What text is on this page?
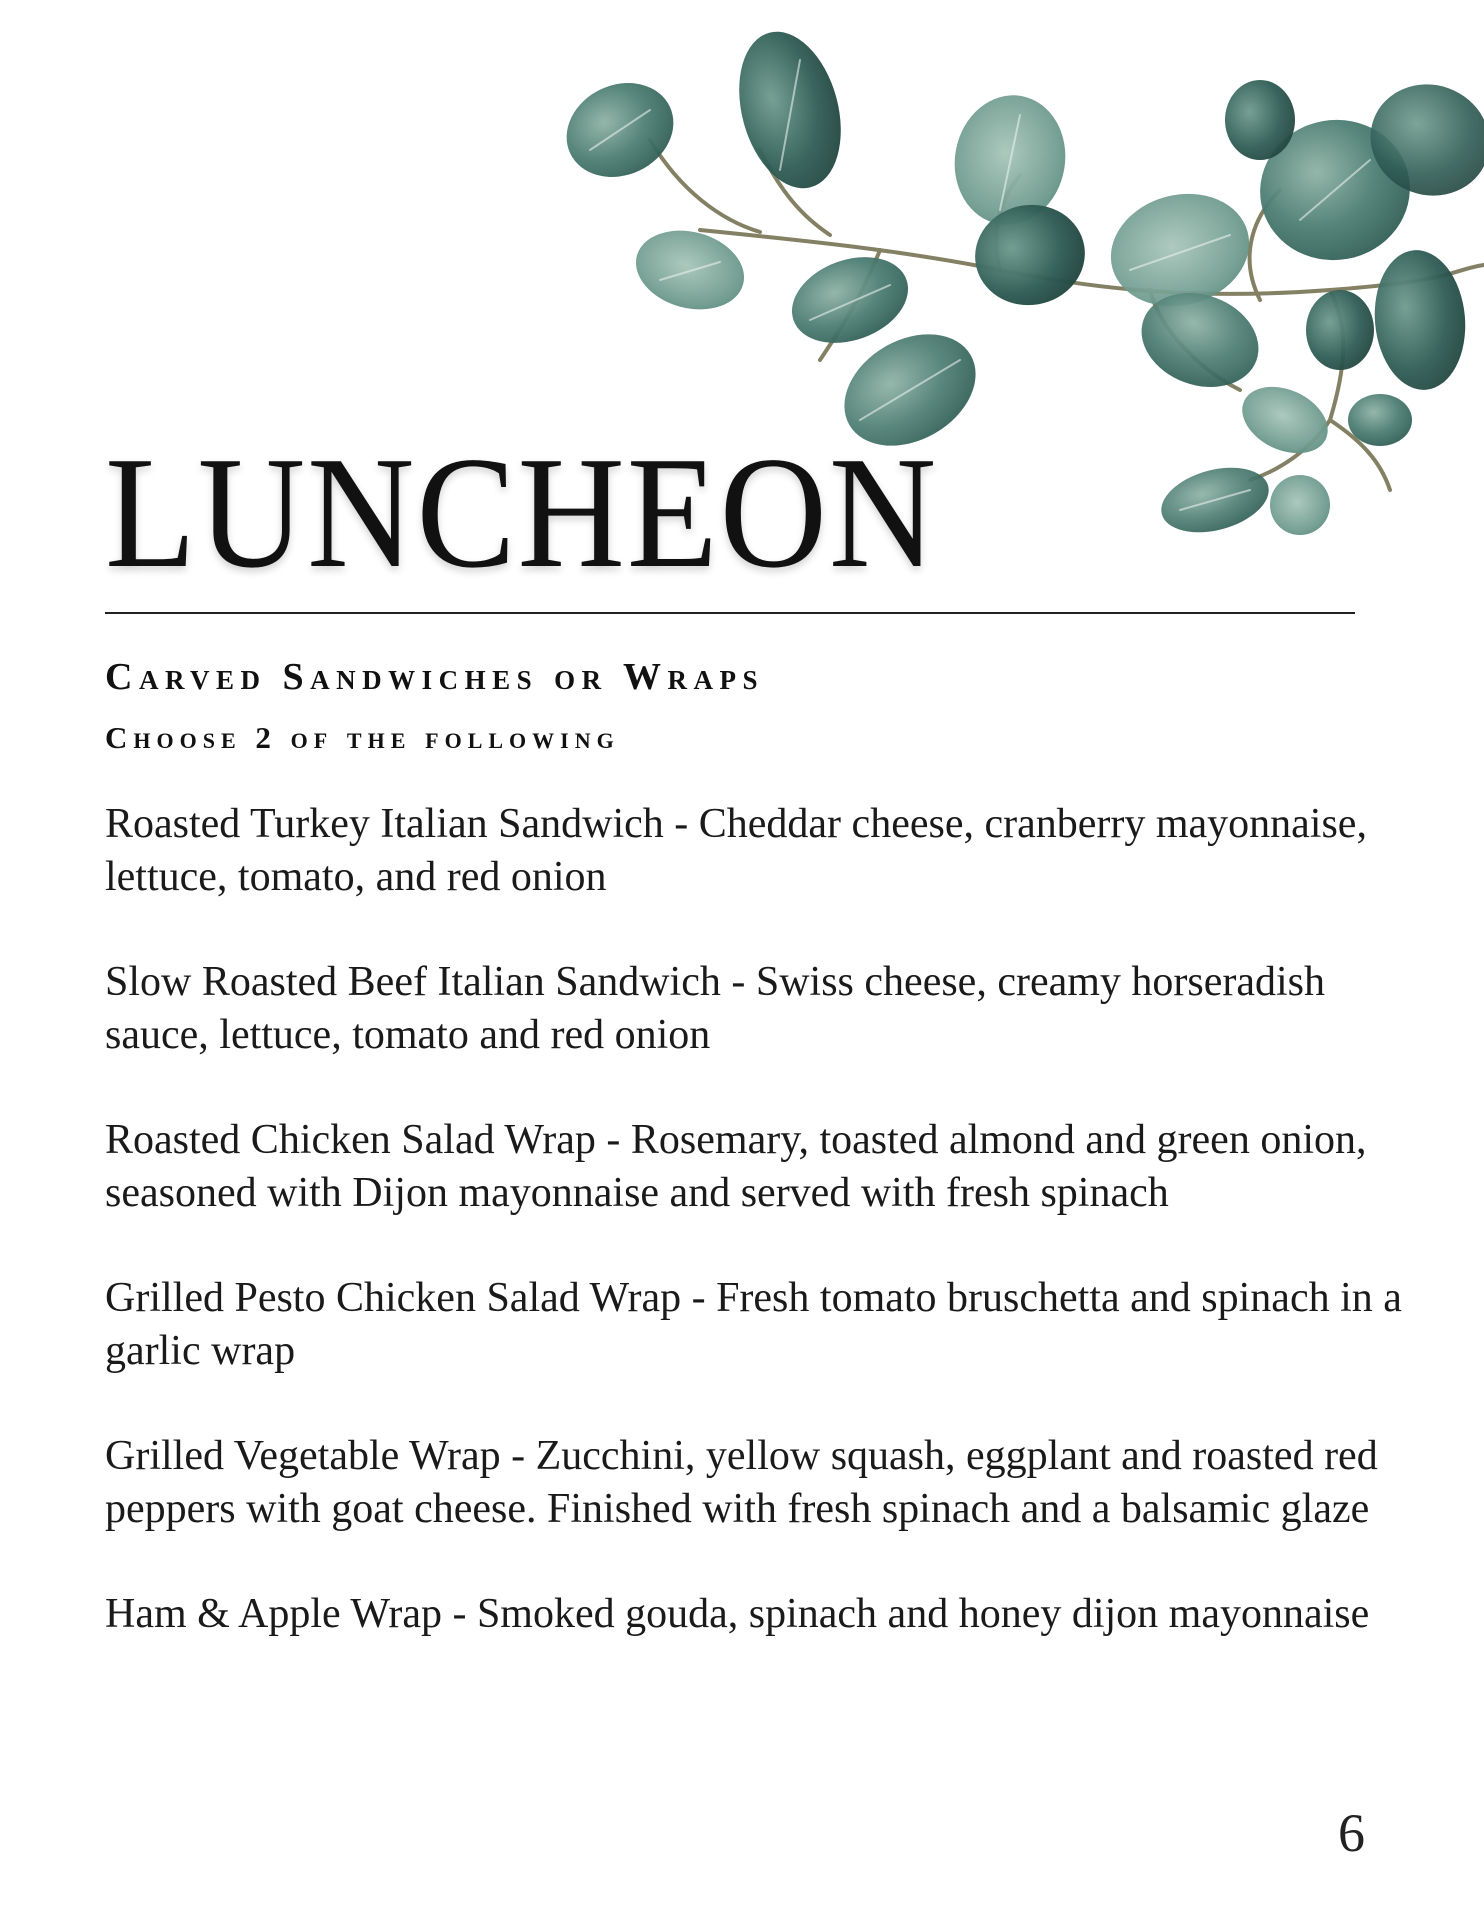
LUNCHEON
Carved Sandwiches or Wraps
Choose 2 of the following
Roasted Turkey Italian Sandwich - Cheddar cheese, cranberry mayonnaise, lettuce, tomato, and red onion
Slow Roasted Beef Italian Sandwich - Swiss cheese, creamy horseradish sauce, lettuce, tomato and red onion
Roasted Chicken Salad Wrap - Rosemary, toasted almond and green onion, seasoned with Dijon mayonnaise and served with fresh spinach
Grilled Pesto Chicken Salad Wrap - Fresh tomato bruschetta and spinach in a garlic wrap
Grilled Vegetable Wrap - Zucchini, yellow squash, eggplant and roasted red peppers with goat cheese. Finished with fresh spinach and a balsamic glaze
Ham & Apple Wrap - Smoked gouda, spinach and honey dijon mayonnaise
6
